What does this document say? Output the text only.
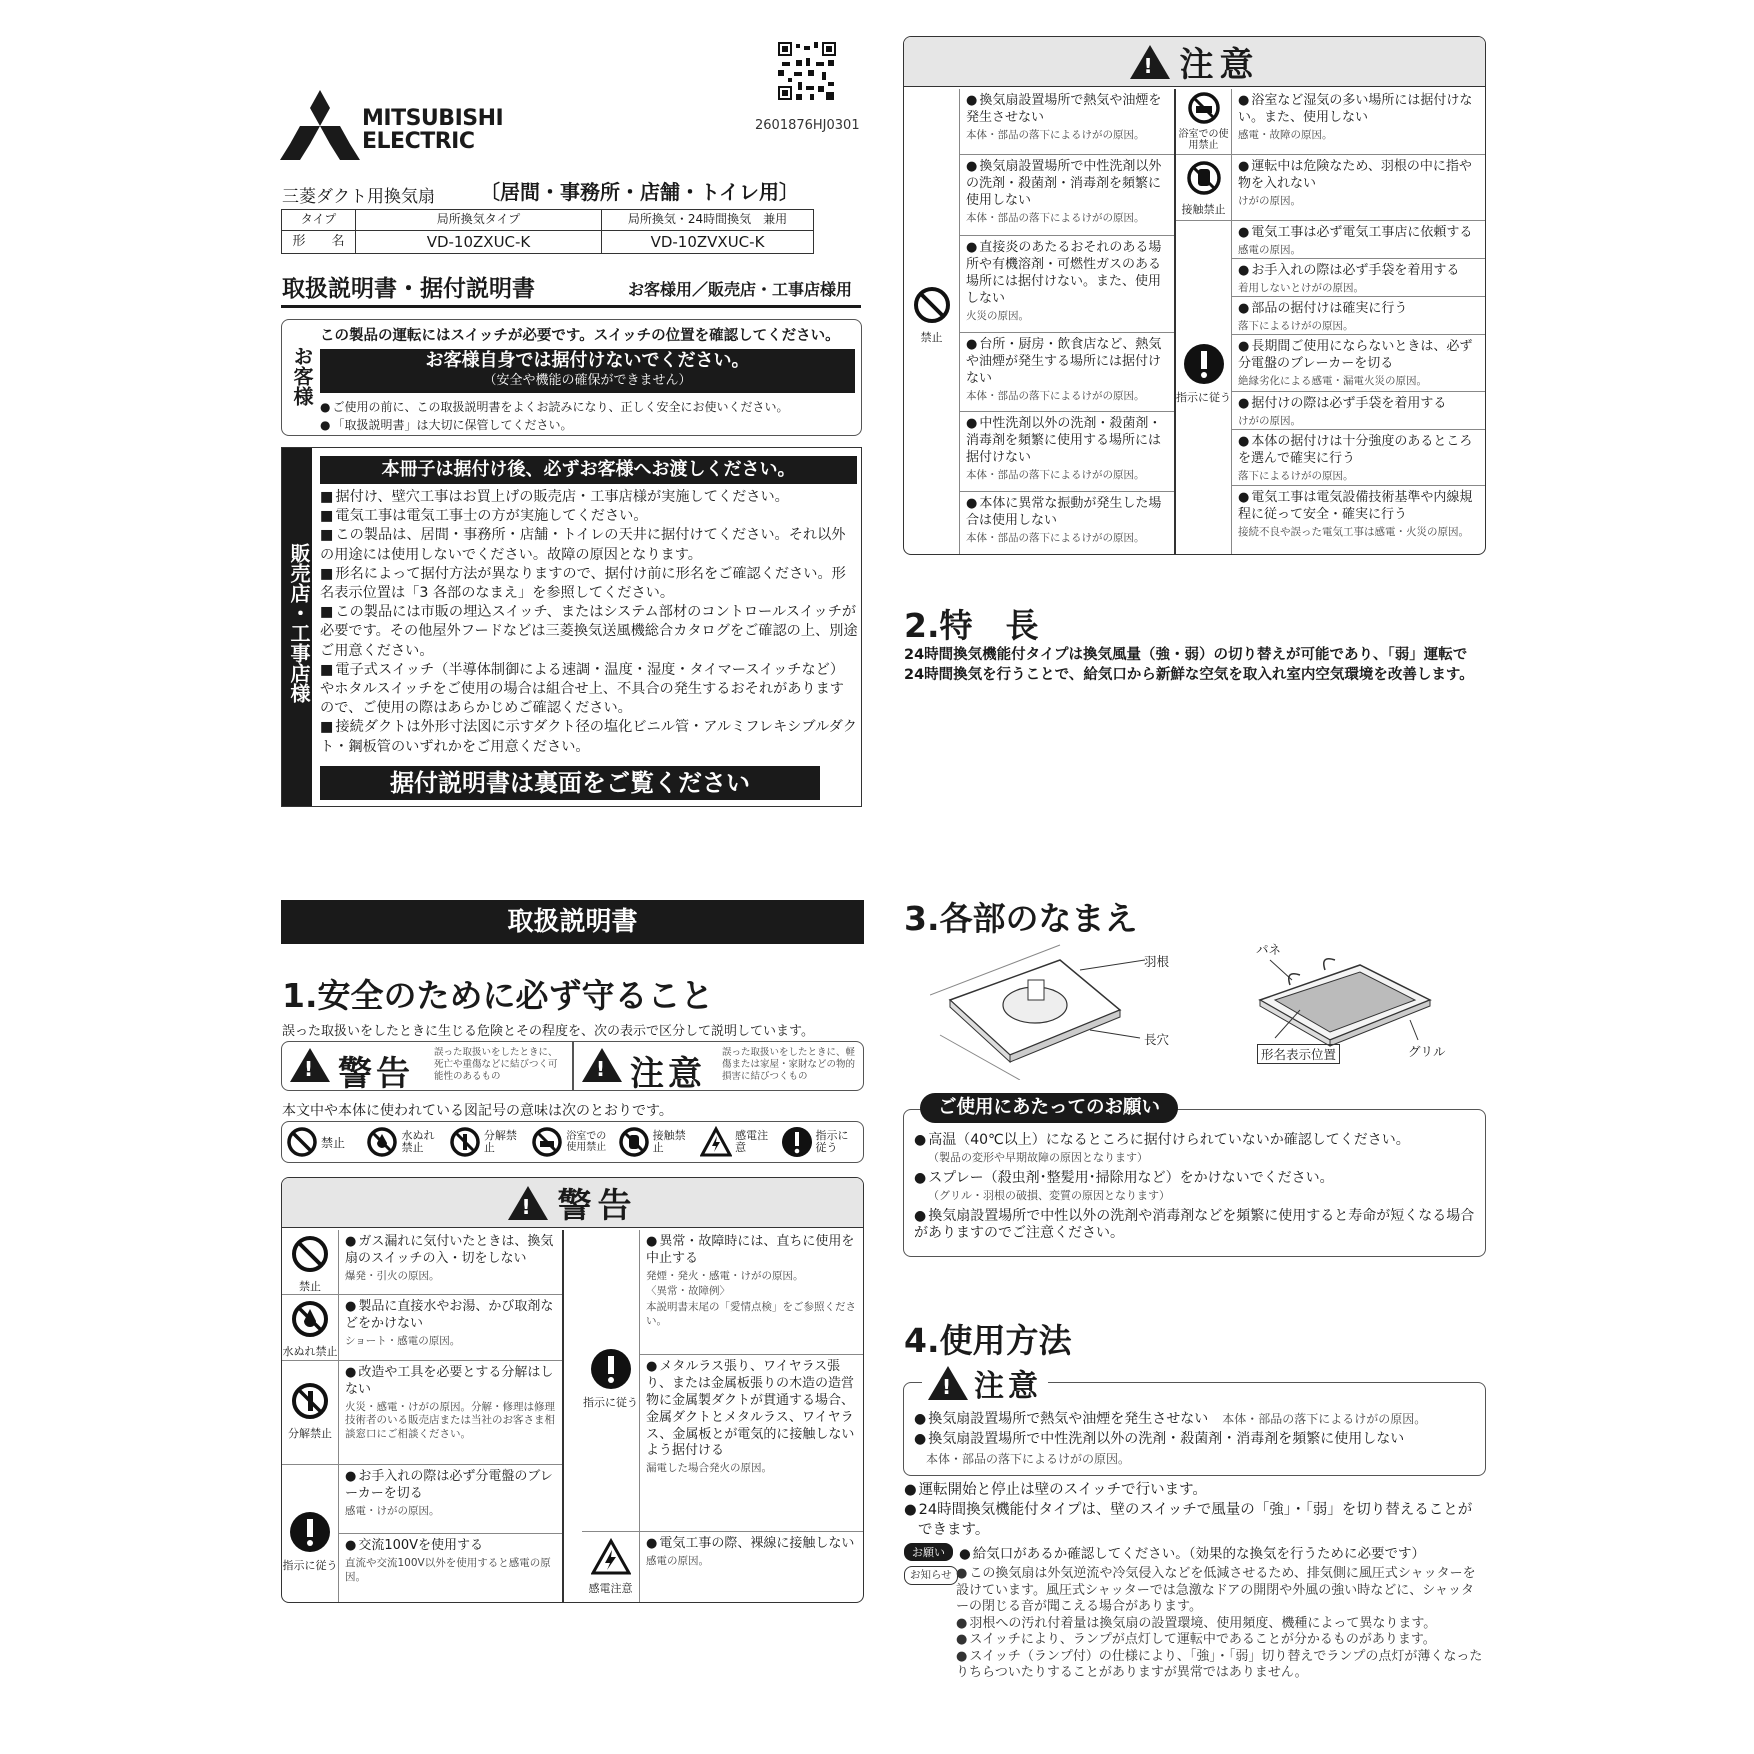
MITSUBISHI
ELECTRIC
2601876HJ0301
三菱ダクト用換気扇 〔居間・事務所・店舗・トイレ用〕
タイプ	局所換気タイプ	局所換気・24時間換気　兼用
形　　名	VD-10ZXUC-K	VD-10ZVXUC-K
取扱説明書・据付説明書	お客様用／販売店・工事店様用
お客様
この製品の運転にはスイッチが必要です。スイッチの位置を確認してください。
お客様自身では据付けないでください。
（安全や機能の確保ができません）
● ご使用の前に、この取扱説明書をよくお読みになり、正しく安全にお使いください。
● 「取扱説明書」は大切に保管してください。
販売店・工事店様
本冊子は据付け後、必ずお客様へお渡しください。
■ 据付け、壁穴工事はお買上げの販売店・工事店様が実施してください。
■ 電気工事は電気工事士の方が実施してください。
■ この製品は、居間・事務所・店舗・トイレの天井に据付けてください。それ以外の用途には使用しないでください。故障の原因となります。
■ 形名によって据付方法が異なりますので、据付け前に形名をご確認ください。形名表示位置は「3 各部のなまえ」を参照してください。
■ この製品には市販の埋込スイッチ、またはシステム部材のコントロールスイッチが必要です。その他屋外フードなどは三菱換気送風機総合カタログをご確認の上、別途ご用意ください。
■ 電子式スイッチ（半導体制御による速調・温度・湿度・タイマースイッチなど）やホタルスイッチをご使用の場合は組合せ上、不具合の発生するおそれがありますので、ご使用の際はあらかじめご確認ください。
■ 接続ダクトは外形寸法図に示すダクト径の塩化ビニル管・アルミフレキシブルダクト・鋼板管のいずれかをご用意ください。
据付説明書は裏面をご覧ください
取扱説明書
1.安全のために必ず守ること
誤った取扱いをしたときに生じる危険とその程度を、次の表示で区分して説明しています。
! 警告
誤った取扱いをしたときに、死亡や重傷などに結びつく可能性のあるもの	! 注意
誤った取扱いをしたときに、軽傷または家屋・家財などの物的損害に結びつくもの
本文中や本体に使われている図記号の意味は次のとおりです。
禁止	水ぬれ禁止
分解禁止
浴室での使用禁止
接触禁止
感電注意
指示に従う
! 警告
禁止
● ガス漏れに気付いたときは、換気扇のスイッチの入・切をしない
爆発・引火の原因。
水ぬれ禁止
● 製品に直接水やお湯、かび取剤などをかけない
ショート・感電の原因。
分解禁止
● 改造や工具を必要とする分解はしない
火災・感電・けがの原因。分解・修理は修理技術者のいる販売店または当社のお客さま相談窓口にご相談ください。
指示に従う
● お手入れの際は必ず分電盤のブレーカーを切る
感電・けがの原因。
● 交流100Vを使用する
直流や交流100V以外を使用すると感電の原因。
指示に従う
● 異常・故障時には、直ちに使用を中止する
発煙・発火・感電・けがの原因。
〈異常・故障例〉
本説明書末尾の「愛情点検」をご参照ください。
● メタルラス張り、ワイヤラス張り、または金属板張りの木造の造営物に金属製ダクトが貫通する場合、金属ダクトとメタルラス、ワイヤラス、金属板とが電気的に接触しないよう据付ける
漏電した場合発火の原因。
感電注意
● 電気工事の際、裸線に接触しない
感電の原因。
! 注意
禁止
● 換気扇設置場所で熱気や油煙を発生させない
本体・部品の落下によるけがの原因。
● 換気扇設置場所で中性洗剤以外の洗剤・殺菌剤・消毒剤を頻繁に使用しない
本体・部品の落下によるけがの原因。
● 直接炎のあたるおそれのある場所や有機溶剤・可燃性ガスのある場所には据付けない。また、使用しない
火災の原因。
● 台所・厨房・飲食店など、熱気や油煙が発生する場所には据付けない
本体・部品の落下によるけがの原因。
● 中性洗剤以外の洗剤・殺菌剤・消毒剤を頻繁に使用する場所には据付けない
本体・部品の落下によるけがの原因。
● 本体に異常な振動が発生した場合は使用しない
本体・部品の落下によるけがの原因。
浴室での使用禁止
● 浴室など湿気の多い場所には据付けない。また、使用しない
感電・故障の原因。
接触禁止
● 運転中は危険なため、羽根の中に指や物を入れない
けがの原因。
指示に従う
● 電気工事は必ず電気工事店に依頼する
感電の原因。
● お手入れの際は必ず手袋を着用する
着用しないとけがの原因。
● 部品の据付けは確実に行う
落下によるけがの原因。
● 長期間ご使用にならないときは、必ず分電盤のブレーカーを切る
絶縁劣化による感電・漏電火災の原因。
● 据付けの際は必ず手袋を着用する
けがの原因。
● 本体の据付けは十分強度のあるところを選んで確実に行う
落下によるけがの原因。
● 電気工事は電気設備技術基準や内線規程に従って安全・確実に行う
接続不良や誤った電気工事は感電・火災の原因。
2.特　長
24時間換気機能付タイプは換気風量（強・弱）の切り替えが可能であり、「弱」運転で24時間換気を行うことで、給気口から新鮮な空気を取入れ室内空気環境を改善します。
3.各部のなまえ
羽根
長穴
パネ
グリル
形名表示位置
ご使用にあたってのお願い
● 高温（40℃以上）になるところに据付けられていないか確認してください。
（製品の変形や早期故障の原因となります）
● スプレー（殺虫剤･整髪用･掃除用など）をかけないでください。
（グリル・羽根の破損、変質の原因となります）
● 換気扇設置場所で中性以外の洗剤や消毒剤などを頻繁に使用すると寿命が短くなる場合がありますのでご注意ください。
4.使用方法
! 注意
● 換気扇設置場所で熱気や油煙を発生させない　 本体・部品の落下によるけがの原因。
● 換気扇設置場所で中性洗剤以外の洗剤・殺菌剤・消毒剤を頻繁に使用しない
本体・部品の落下によるけがの原因。
● 運転開始と停止は壁のスイッチで行います。
● 24時間換気機能付タイプは、壁のスイッチで風量の「強」・「弱」を切り替えることができます。
お願い	● 給気口があるか確認してください。（効果的な換気を行うために必要です）
お知らせ	● この換気扇は外気逆流や冷気侵入などを低減させるため、排気側に風圧式シャッターを設けています。風圧式シャッターでは急激なドアの開閉や外風の強い時などに、シャッターの閉じる音が聞こえる場合があります。
● 羽根への汚れ付着量は換気扇の設置環境、使用頻度、機種によって異なります。
● スイッチにより、ランプが点灯して運転中であることが分かるものがあります。
● スイッチ（ランプ付）の仕様により、「強」・「弱」切り替えでランプの点灯が薄くなったりちらついたりすることがありますが異常ではありません。
